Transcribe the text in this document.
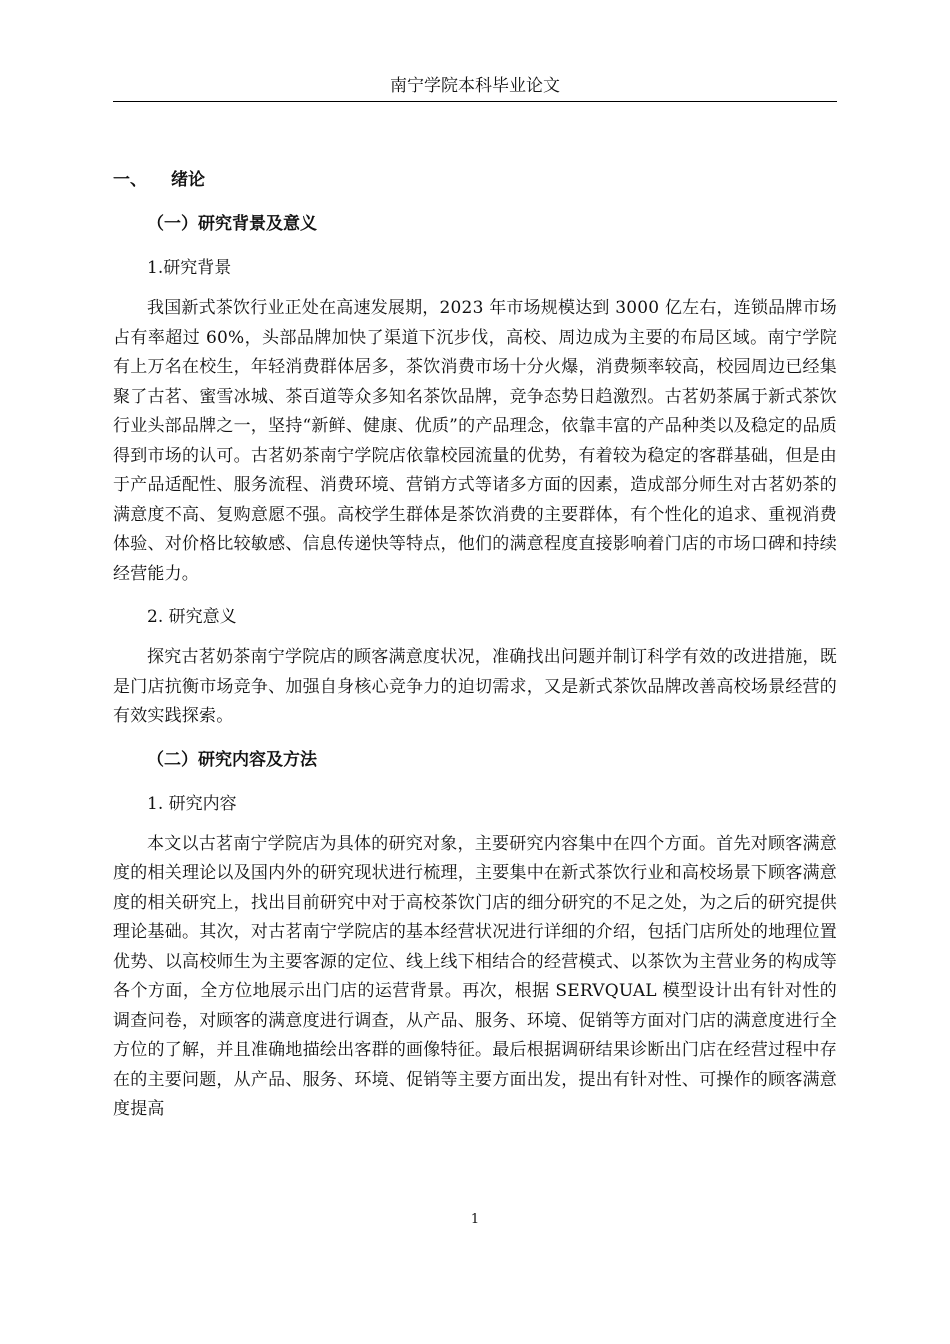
南宁学院本科毕业论文
一、	绪论
（一）研究背景及意义
1.研究背景

我国新式茶饮行业正处在高速发展期，2023 年市场规模达到 3000 亿左右，连锁品牌市场占有率超过 60%，头部品牌加快了渠道下沉步伐，高校、周边成为主要的布局区域。南宁学院有上万名在校生，年轻消费群体居多，茶饮消费市场十分火爆，消费频率较高，校园周边已经集聚了古茗、蜜雪冰城、茶百道等众多知名茶饮品牌，竞争态势日趋激烈。古茗奶茶属于新式茶饮行业头部品牌之一，坚持“新鲜、健康、优质”的产品理念，依靠丰富的产品种类以及稳定的品质得到市场的认可。古茗奶茶南宁学院店依靠校园流量的优势，有着较为稳定的客群基础，但是由于产品适配性、服务流程、消费环境、营销方式等诸多方面的因素，造成部分师生对古茗奶茶的满意度不高、复购意愿不强。高校学生群体是茶饮消费的主要群体，有个性化的追求、重视消费体验、对价格比较敏感、信息传递快等特点，他们的满意程度直接影响着门店的市场口碑和持续经营能力。

2. 研究意义

探究古茗奶茶南宁学院店的顾客满意度状况，准确找出问题并制订科学有效的改进措施，既是门店抗衡市场竞争、加强自身核心竞争力的迫切需求，又是新式茶饮品牌改善高校场景经营的有效实践探索。

（二）研究内容及方法
1. 研究内容

本文以古茗南宁学院店为具体的研究对象，主要研究内容集中在四个方面。首先对顾客满意度的相关理论以及国内外的研究现状进行梳理，主要集中在新式茶饮行业和高校场景下顾客满意度的相关研究上，找出目前研究中对于高校茶饮门店的细分研究的不足之处，为之后的研究提供理论基础。其次，对古茗南宁学院店的基本经营状况进行详细的介绍，包括门店所处的地理位置优势、以高校师生为主要客源的定位、线上线下相结合的经营模式、以茶饮为主营业务的构成等各个方面，全方位地展示出门店的运营背景。再次，根据 SERVQUAL 模型设计出有针对性的调查问卷，对顾客的满意度进行调查，从产品、服务、环境、促销等方面对门店的满意度进行全方位的了解，并且准确地描绘出客群的画像特征。最后根据调研结果诊断出门店在经营过程中存在的主要问题，从产品、服务、环境、促销等主要方面出发，提出有针对性、可操作的顾客满意度提高

1
